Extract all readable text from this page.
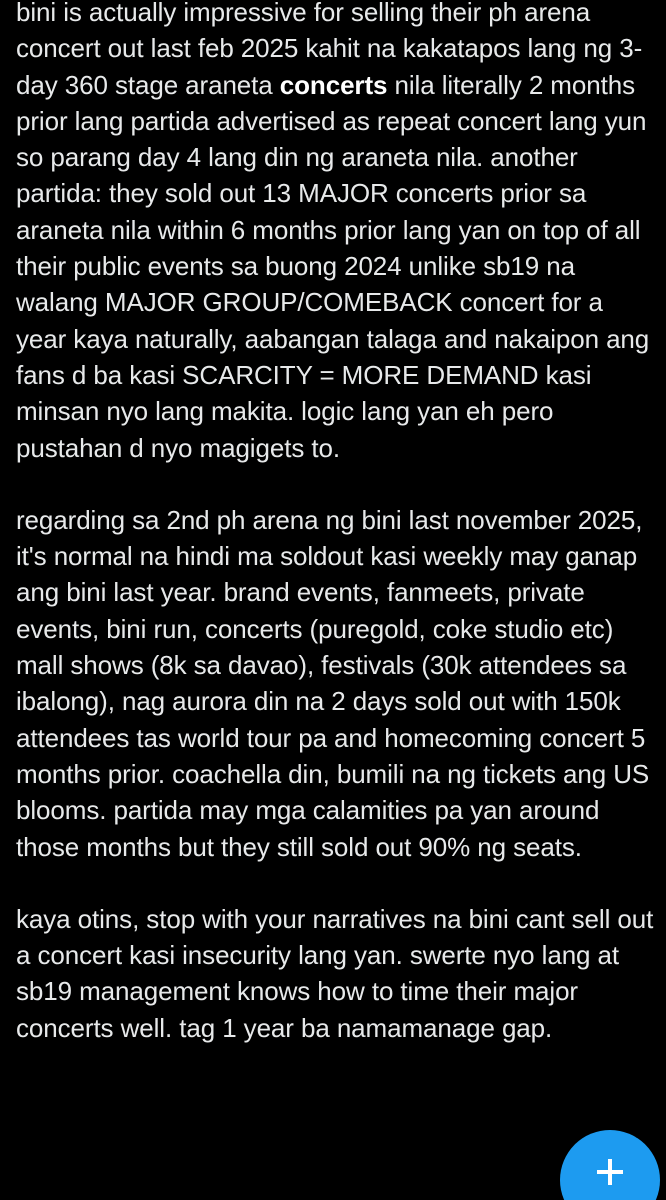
bini is actually impressive for selling their ph arena concert out last feb 2025 kahit na kakatapos lang ng 3-day 360 stage araneta concerts nila literally 2 months prior lang partida advertised as repeat concert lang yun so parang day 4 lang din ng araneta nila. another partida: they sold out 13 MAJOR concerts prior sa araneta nila within 6 months prior lang yan on top of all their public events sa buong 2024 unlike sb19 na walang MAJOR GROUP/COMEBACK concert for a year kaya naturally, aabangan talaga and nakaipon ang fans d ba kasi SCARCITY = MORE DEMAND kasi minsan nyo lang makita. logic lang yan eh pero pustahan d nyo magigets to.

regarding sa 2nd ph arena ng bini last november 2025, it's normal na hindi ma soldout kasi weekly may ganap ang bini last year. brand events, fanmeets, private events, bini run, concerts (puregold, coke studio etc) mall shows (8k sa davao), festivals (30k attendees sa ibalong), nag aurora din na 2 days sold out with 150k attendees tas world tour pa and homecoming concert 5 months prior. coachella din, bumili na ng tickets ang US blooms. partida may mga calamities pa yan around those months but they still sold out 90% ng seats.

kaya otins, stop with your narratives na bini cant sell out a concert kasi insecurity lang yan. swerte nyo lang at sb19 management knows how to time their major concerts well. tag 1 year ba namamanage gap.
